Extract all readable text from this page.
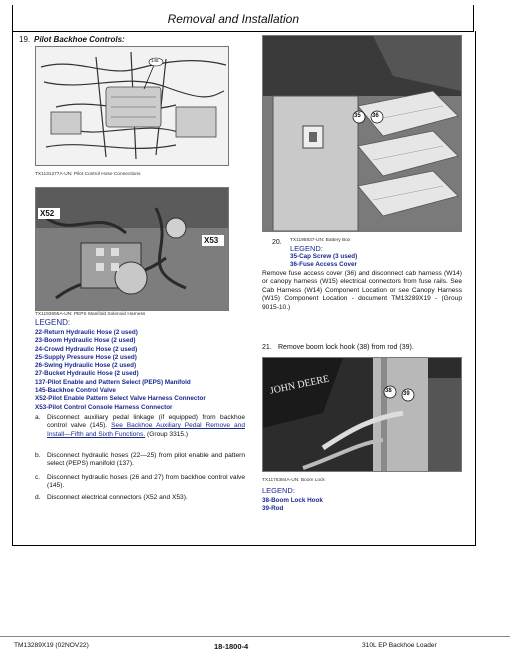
Removal and Installation
19. Pilot Backhoe Controls:
145
TX1131277A-UN: Pilot Control Hose Connections
X52
X53
TX1193655A-UN: PEPS Manifold Solenoid Harness
LEGEND:
22-Return Hydraulic Hose (2 used)
23-Boom Hydraulic Hose (2 used)
24-Crowd Hydraulic Hose (2 used)
25-Supply Pressure Hose (2 used)
26-Swing Hydraulic Hose (2 used)
27-Bucket Hydraulic Hose (2 used)
137-Pilot Enable and Pattern Select (PEPS) Manifold
145-Backhoe Control Valve
X52-Pilot Enable Pattern Select Valve Harness Connector
X53-Pilot Control Console Harness Connector
a. Disconnect auxiliary pedal linkage (if equipped) from backhoe control valve (145). See Backhoe Auxiliary Pedal Remove and Install—Fifth and Sixth Functions. (Group 3315.)
b. Disconnect hydraulic hoses (22—25) from pilot enable and pattern select (PEPS) manifold (137).
c. Disconnect hydraulic hoses (26 and 27) from backhoe control valve (145).
d. Disconnect electrical connectors (X52 and X53).
35 36
20. TX1195837-UN: Battery Box
LEGEND:
35-Cap Screw (3 used)
36-Fuse Access Cover
Remove fuse access cover (36) and disconnect cab harness (W14) or canopy harness (W15) electrical connectors from fuse rails. See Cab Harness (W14) Component Location or see Canopy Harness (W15) Component Location - document TM13289X19 - (Group 9015-10.)
21. Remove boom lock hook (38) from rod (39).
JOHN DEERE	38 39
TX1175384A-UN: Boom Lock
LEGEND:
38-Boom Lock Hook
39-Rod
TM13289X19 (02NOV22)	18-1800-4	310L EP Backhoe Loader
